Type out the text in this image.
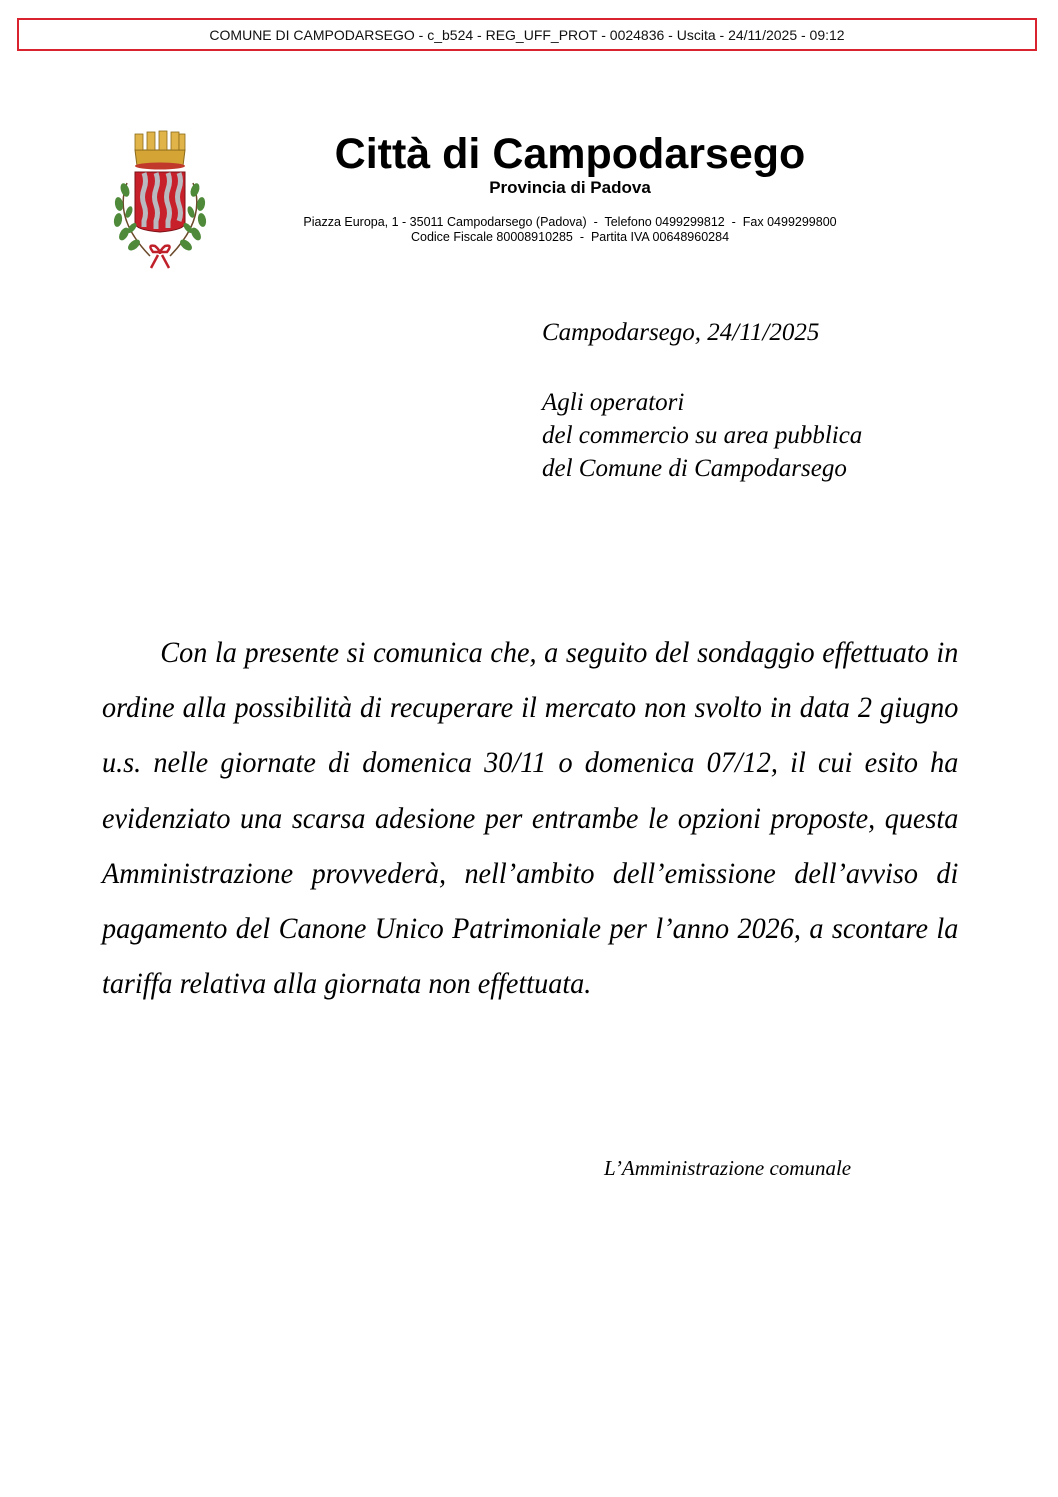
COMUNE DI CAMPODARSEGO - c_b524 - REG_UFF_PROT - 0024836 - Uscita - 24/11/2025 - 09:12
Città di Campodarsego
Provincia di Padova
Piazza Europa, 1 - 35011 Campodarsego (Padova)  -  Telefono 0499299812  -  Fax 0499299800
Codice Fiscale 80008910285  -  Partita IVA 00648960284
Campodarsego, 24/11/2025
Agli operatori
del commercio su area pubblica
del Comune di Campodarsego
Con la presente si comunica che, a seguito del sondaggio effettuato in ordine alla possibilità di recuperare il mercato non svolto in data 2 giugno u.s. nelle giornate di domenica 30/11 o domenica 07/12, il cui esito ha evidenziato una scarsa adesione per entrambe le opzioni proposte, questa Amministrazione provvederà, nell’ambito dell’emissione dell’avviso di pagamento del Canone Unico Patrimoniale per l’anno 2026, a scontare la tariffa relativa alla giornata non effettuata.
L’Amministrazione comunale
